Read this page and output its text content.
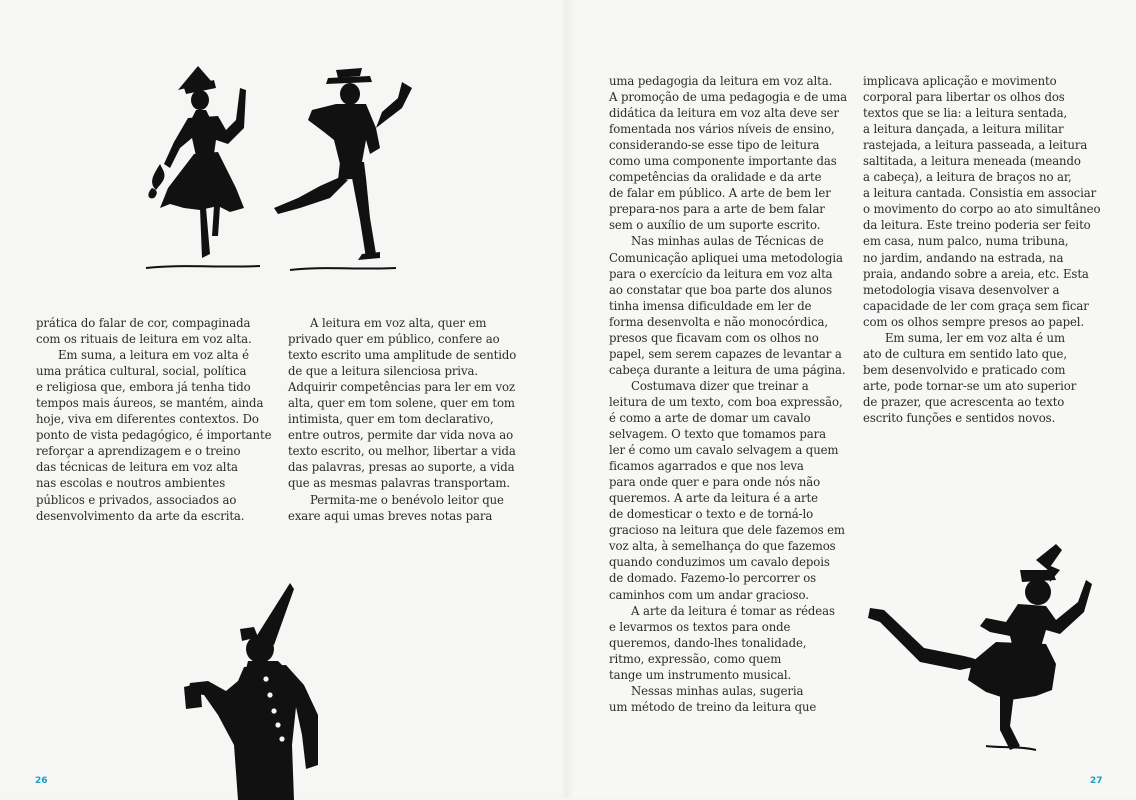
prática do falar de cor, compaginada

com os rituais de leitura em voz alta.

Em suma, a leitura em voz alta é

uma prática cultural, social, política

e religiosa que, embora já tenha tido

tempos mais áureos, se mantém, ainda

hoje, viva em diferentes contextos. Do

ponto de vista pedagógico, é importante

reforçar a aprendizagem e o treino

das técnicas de leitura em voz alta

nas escolas e noutros ambientes

públicos e privados, associados ao

desenvolvimento da arte da escrita.

A leitura em voz alta, quer em

privado quer em público, confere ao

texto escrito uma amplitude de sentido

de que a leitura silenciosa priva.

Adquirir competências para ler em voz

alta, quer em tom solene, quer em tom

intimista, quer em tom declarativo,

entre outros, permite dar vida nova ao

texto escrito, ou melhor, libertar a vida

das palavras, presas ao suporte, a vida

que as mesmas palavras transportam.

Permita-me o benévolo leitor que

exare aqui umas breves notas para

uma pedagogia da leitura em voz alta.

A promoção de uma pedagogia e de uma

didática da leitura em voz alta deve ser

fomentada nos vários níveis de ensino,

considerando-se esse tipo de leitura

como uma componente importante das

competências da oralidade e da arte

de falar em público. A arte de bem ler

prepara-nos para a arte de bem falar

sem o auxílio de um suporte escrito.

Nas minhas aulas de Técnicas de

Comunicação apliquei uma metodologia

para o exercício da leitura em voz alta

ao constatar que boa parte dos alunos

tinha imensa dificuldade em ler de

forma desenvolta e não monocórdica,

presos que ficavam com os olhos no

papel, sem serem capazes de levantar a

cabeça durante a leitura de uma página.

Costumava dizer que treinar a

leitura de um texto, com boa expressão,

é como a arte de domar um cavalo

selvagem. O texto que tomamos para

ler é como um cavalo selvagem a quem

ficamos agarrados e que nos leva

para onde quer e para onde nós não

queremos. A arte da leitura é a arte

de domesticar o texto e de torná-lo

gracioso na leitura que dele fazemos em

voz alta, à semelhança do que fazemos

quando conduzimos um cavalo depois

de domado. Fazemo-lo percorrer os

caminhos com um andar gracioso.

A arte da leitura é tomar as rédeas

e levarmos os textos para onde

queremos, dando-lhes tonalidade,

ritmo, expressão, como quem

tange um instrumento musical.

Nessas minhas aulas, sugeria

um método de treino da leitura que

implicava aplicação e movimento

corporal para libertar os olhos dos

textos que se lia: a leitura sentada,

a leitura dançada, a leitura militar

rastejada, a leitura passeada, a leitura

saltitada, a leitura meneada (meando

a cabeça), a leitura de braços no ar,

a leitura cantada. Consistia em associar

o movimento do corpo ao ato simultâneo

da leitura. Este treino poderia ser feito

em casa, num palco, numa tribuna,

no jardim, andando na estrada, na

praia, andando sobre a areia, etc. Esta

metodologia visava desenvolver a

capacidade de ler com graça sem ficar

com os olhos sempre presos ao papel.

Em suma, ler em voz alta é um

ato de cultura em sentido lato que,

bem desenvolvido e praticado com

arte, pode tornar-se um ato superior

de prazer, que acrescenta ao texto

escrito funções e sentidos novos.

26	27
